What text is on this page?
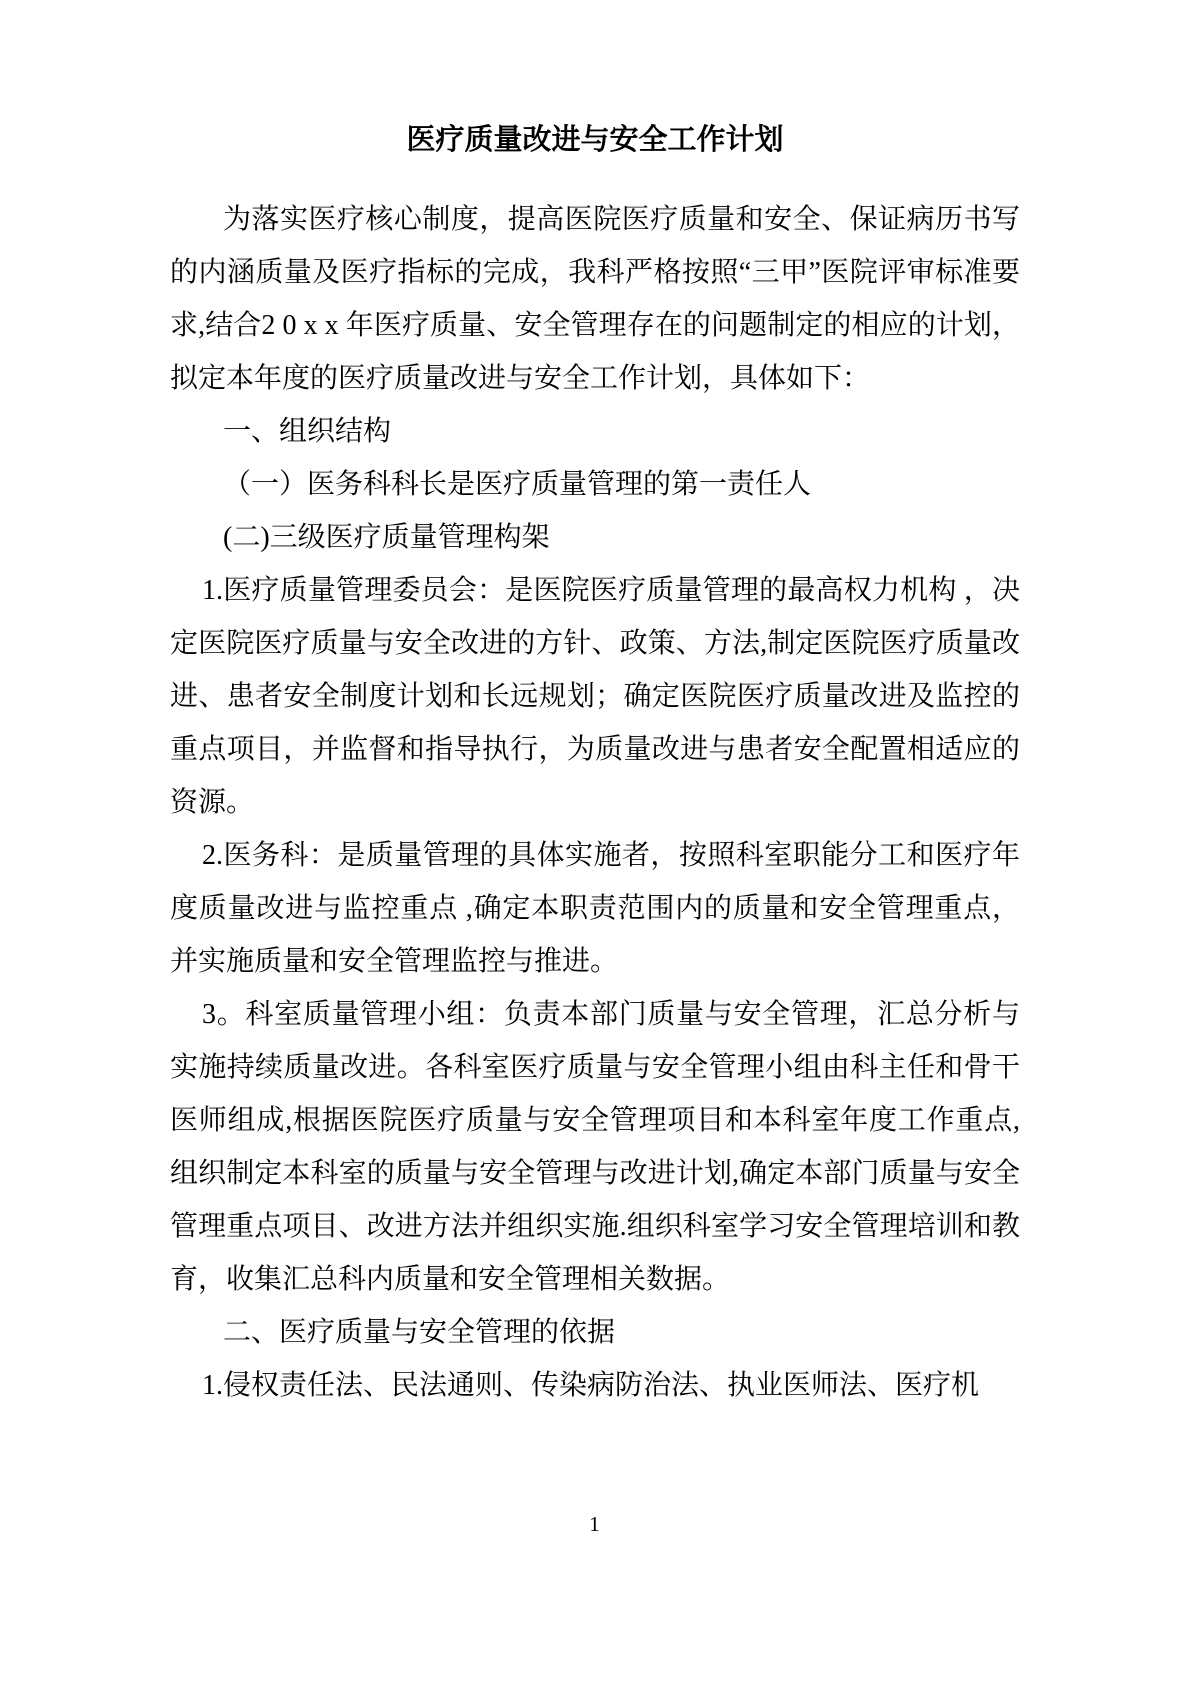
医疗质量改进与安全工作计划

为落实医疗核心制度，提高医院医疗质量和安全、保证病历书写的内涵质量及医疗指标的完成，我科严格按照“三甲”医院评审标准要求,结合2 0 x x 年医疗质量、安全管理存在的问题制定的相应的计划，拟定本年度的医疗质量改进与安全工作计划，具体如下：

一、组织结构

（一）医务科科长是医疗质量管理的第一责任人

(二)三级医疗质量管理构架

1.医疗质量管理委员会：是医院医疗质量管理的最高权力机构 ，决定医院医疗质量与安全改进的方针、政策、方法,制定医院医疗质量改进、患者安全制度计划和长远规划；确定医院医疗质量改进及监控的重点项目，并监督和指导执行，为质量改进与患者安全配置相适应的资源。

2.医务科：是质量管理的具体实施者，按照科室职能分工和医疗年度质量改进与监控重点 ,确定本职责范围内的质量和安全管理重点，并实施质量和安全管理监控与推进。

3。科室质量管理小组：负责本部门质量与安全管理，汇总分析与实施持续质量改进。各科室医疗质量与安全管理小组由科主任和骨干医师组成,根据医院医疗质量与安全管理项目和本科室年度工作重点,组织制定本科室的质量与安全管理与改进计划,确定本部门质量与安全管理重点项目、改进方法并组织实施.组织科室学习安全管理培训和教育，收集汇总科内质量和安全管理相关数据。

二、医疗质量与安全管理的依据

1.侵权责任法、民法通则、传染病防治法、执业医师法、医疗机

1
